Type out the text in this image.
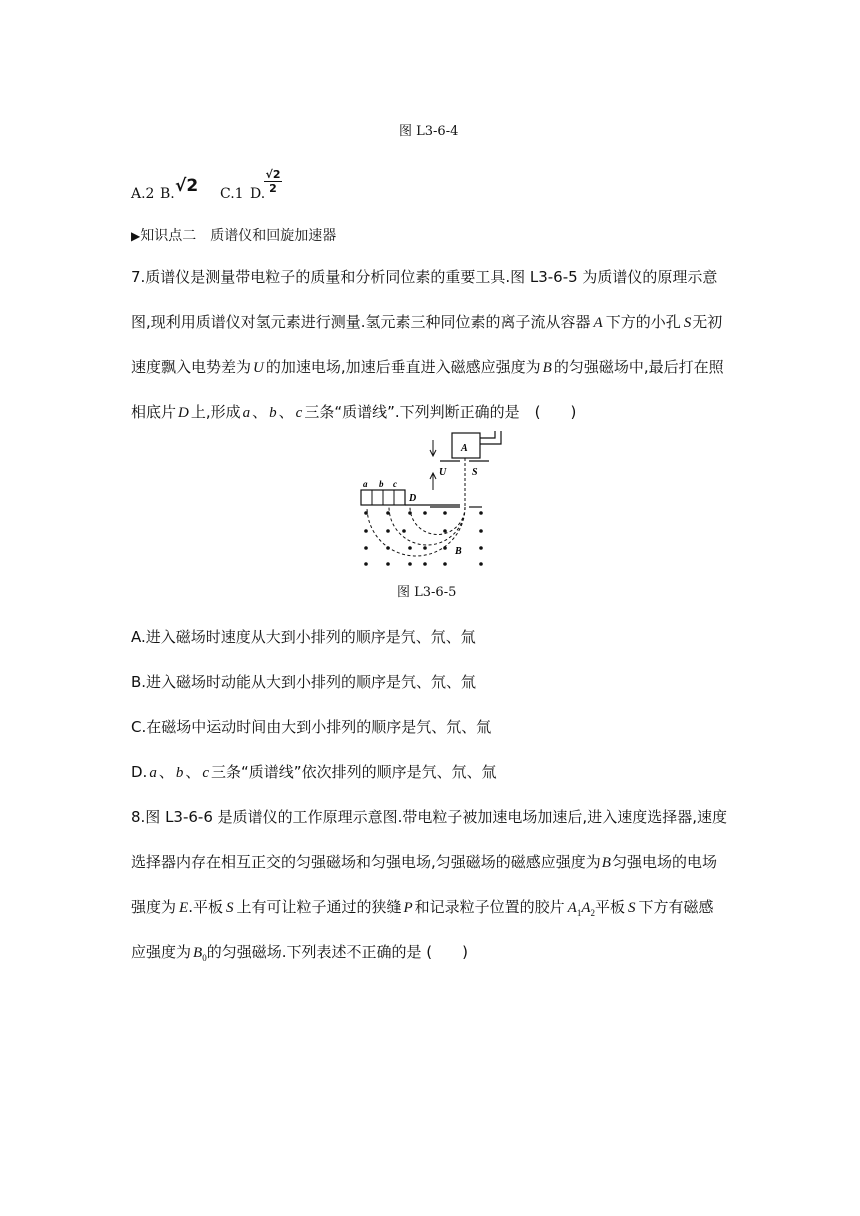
图 L3-6-4
A.2 B. √2 C.1 D.
$\frac{√2}{2}$
▶知识点二　质谱仪和回旋加速器
7.质谱仪是测量带电粒子的质量和分析同位素的重要工具.图 L3-6-5 为质谱仪的原理示意
图,现利用质谱仪对氢元素进行测量.氢元素三种同位素的离子流从容器 A 下方的小孔 S无初
速度飘入电势差为 U 的加速电场,加速后垂直进入磁感应强度为 B 的匀强磁场中,最后打在照
相底片 D 上,形成 a 、 b 、 c 三条“质谱线”.下列判断正确的是　(　　)
A
U	S
a b c
D
B
图 L3-6-5
A.进入磁场时速度从大到小排列的顺序是氕、氘、氚
B.进入磁场时动能从大到小排列的顺序是氕、氘、氚
C.在磁场中运动时间由大到小排列的顺序是氕、氘、氚
D. a 、 b 、 c 三条“质谱线”依次排列的顺序是氕、氘、氚
8.图 L3-6-6 是质谱仪的工作原理示意图.带电粒子被加速电场加速后,进入速度选择器,速度
选择器内存在相互正交的匀强磁场和匀强电场,匀强磁场的磁感应强度为B匀强电场的电场
强度为 E.平板 S 上有可让粒子通过的狭缝 P 和记录粒子位置的胶片 $A_1A_2$平板 S 下方有磁感
应强度为 $B_0$的匀强磁场.下列表述不正确的是 (　　)
